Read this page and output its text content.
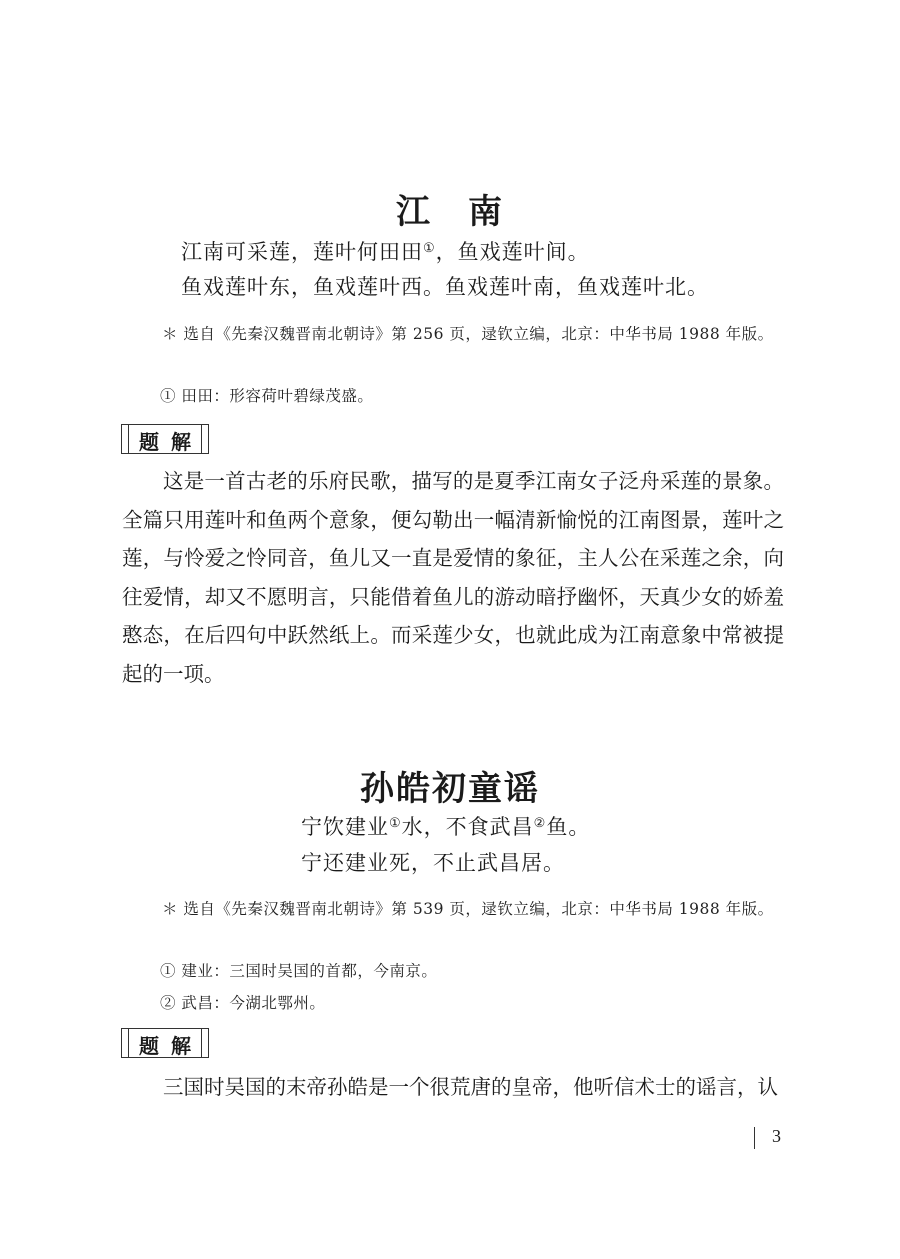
江　南
江南可采莲，莲叶何田田①，鱼戏莲叶间。
鱼戏莲叶东，鱼戏莲叶西。鱼戏莲叶南，鱼戏莲叶北。
＊ 选自《先秦汉魏晋南北朝诗》第 256 页，逯钦立编，北京：中华书局 1988 年版。
① 田田：形容荷叶碧绿茂盛。
题解
这是一首古老的乐府民歌，描写的是夏季江南女子泛舟采莲的景象。全篇只用莲叶和鱼两个意象，便勾勒出一幅清新愉悦的江南图景，莲叶之莲，与怜爱之怜同音，鱼儿又一直是爱情的象征，主人公在采莲之余，向往爱情，却又不愿明言，只能借着鱼儿的游动暗抒幽怀，天真少女的娇羞憨态，在后四句中跃然纸上。而采莲少女，也就此成为江南意象中常被提起的一项。
孙皓初童谣
宁饮建业①水，不食武昌②鱼。
宁还建业死，不止武昌居。
＊ 选自《先秦汉魏晋南北朝诗》第 539 页，逯钦立编，北京：中华书局 1988 年版。
① 建业：三国时吴国的首都，今南京。
② 武昌：今湖北鄂州。
题解
三国时吴国的末帝孙皓是一个很荒唐的皇帝，他听信术士的谣言，认
3
